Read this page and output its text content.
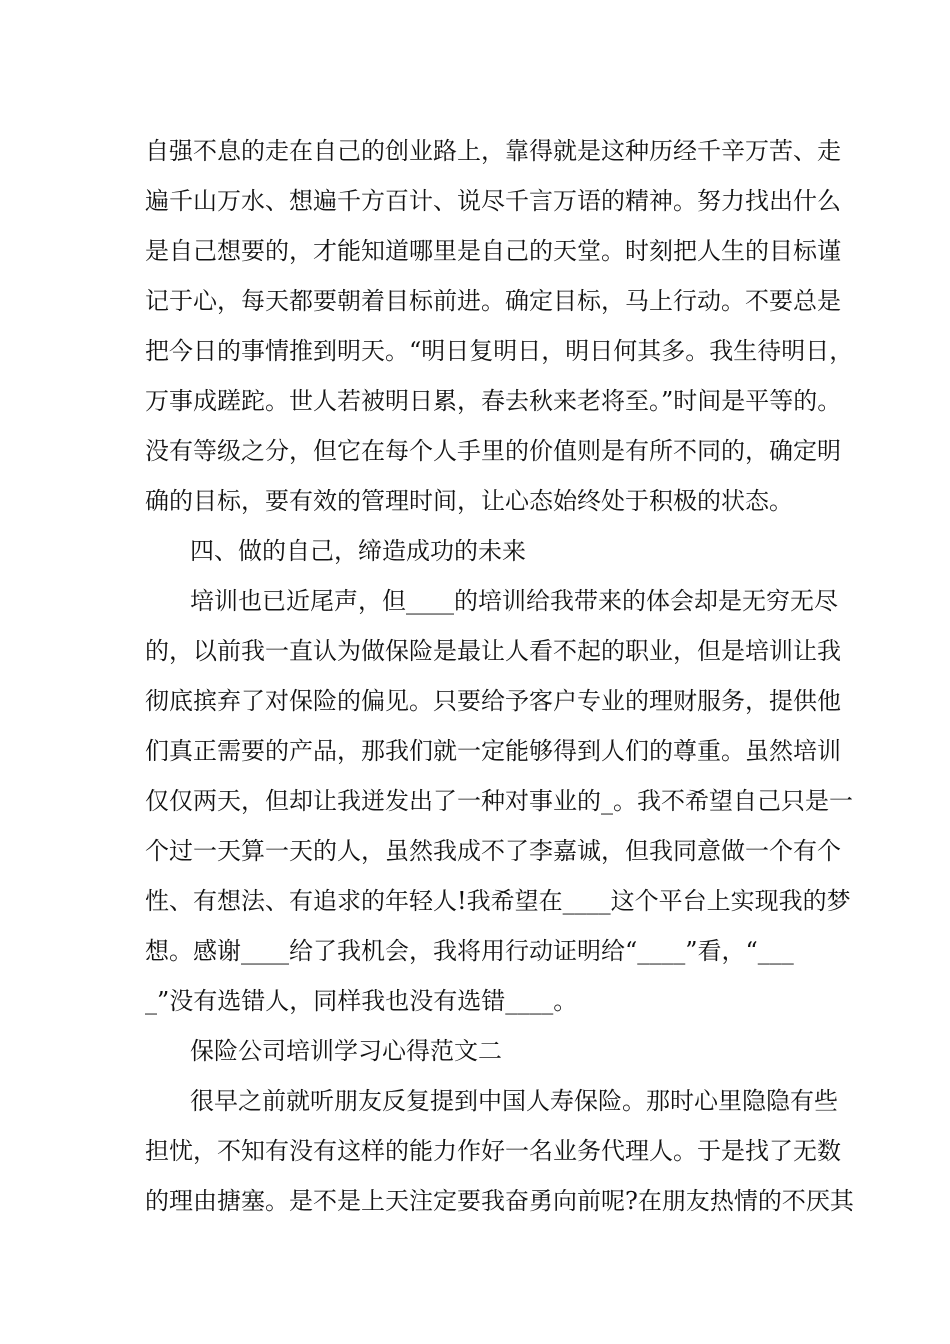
自强不息的走在自己的创业路上，靠得就是这种历经千辛万苦、走

遍千山万水、想遍千方百计、说尽千言万语的精神。努力找出什么

是自己想要的，才能知道哪里是自己的天堂。时刻把人生的目标谨

记于心，每天都要朝着目标前进。确定目标，马上行动。不要总是

把今日的事情推到明天。“明日复明日，明日何其多。我生待明日，

万事成蹉跎。世人若被明日累，春去秋来老将至。”时间是平等的。

没有等级之分，但它在每个人手里的价值则是有所不同的，确定明

确的目标，要有效的管理时间，让心态始终处于积极的状态。

四、做的自己，缔造成功的未来

培训也已近尾声，但____的培训给我带来的体会却是无穷无尽

的，以前我一直认为做保险是最让人看不起的职业，但是培训让我

彻底摈弃了对保险的偏见。只要给予客户专业的理财服务，提供他

们真正需要的产品，那我们就一定能够得到人们的尊重。虽然培训

仅仅两天，但却让我迸发出了一种对事业的_。我不希望自己只是一

个过一天算一天的人，虽然我成不了李嘉诚，但我同意做一个有个

性、有想法、有追求的年轻人!我希望在____这个平台上实现我的梦

想。感谢____给了我机会，我将用行动证明给“____”看，“___

_”没有选错人，同样我也没有选错____。

保险公司培训学习心得范文二

很早之前就听朋友反复提到中国人寿保险。那时心里隐隐有些

担忧，不知有没有这样的能力作好一名业务代理人。于是找了无数

的理由搪塞。是不是上天注定要我奋勇向前呢?在朋友热情的不厌其
